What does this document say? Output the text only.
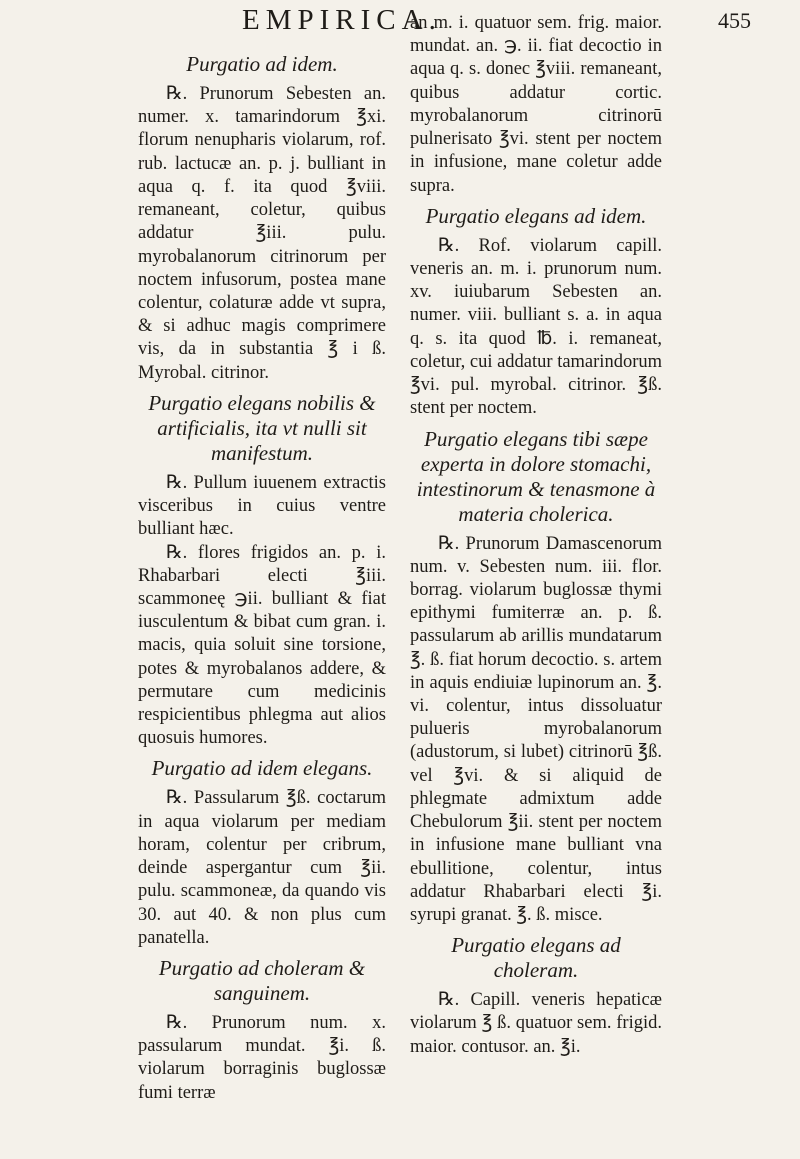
EMPIRICA.	455
Purgatio ad idem.

℞. Prunorum Sebesten an. numer. x. tamarindorum ℥xi. florum nenupharis violarum, rof. rub. lactucæ an. p. j. bulliant in aqua q. f. ita quod ℥viii. remaneant, coletur, quibus addatur ℥iii. pulu. myrobalanorum citrinorum per noctem infusorum, postea mane colentur, colaturæ adde vt supra, & si adhuc magis comprimere vis, da in substantia ℥ i ß. Myrobal. citrinor.

Purgatio elegans nobilis & artificialis, ita vt nulli sit manifestum.

℞. Pullum iuuenem extractis visceribus in cuius ventre bulliant hæc.

℞. flores frigidos an. p. i. Rhabarbari electi ℥iii. scammoneę ℈ii. bulliant & fiat iusculentum & bibat cum gran. i. macis, quia soluit sine torsione, potes & myrobalanos addere, & permutare cum medicinis respicientibus phlegma aut alios quosuis humores.

Purgatio ad idem elegans.

℞. Passularum ℥ß. coctarum in aqua violarum per mediam horam, colentur per cribrum, deinde aspergantur cum ℥ii. pulu. scammoneæ, da quando vis 30. aut 40. & non plus cum panatella.

Purgatio ad choleram & sanguinem.

℞. Prunorum num. x. passularum mundat. ℥i. ß. violarum borraginis buglossæ fumi terræ

an m. i. quatuor sem. frig. maior. mundat. an. ℈. ii. fiat decoctio in aqua q. s. donec ℥viii. remaneant, quibus addatur cortic. myrobalanorum citrinorū pulnerisato ℥vi. stent per noctem in infusione, mane coletur adde supra.

Purgatio elegans ad idem.

℞. Rof. violarum capill. veneris an. m. i. prunorum num. xv. iuiubarum Sebesten an. numer. viii. bulliant s. a. in aqua q. s. ita quod ℔. i. remaneat, coletur, cui addatur tamarindorum ℥vi. pul. myrobal. citrinor. ℥ß. stent per noctem.

Purgatio elegans tibi sæpe experta in dolore stomachi, intestinorum & tenasmone à materia cholerica.

℞. Prunorum Damascenorum num. v. Sebesten num. iii. flor. borrag. violarum buglossæ thymi epithymi fumiterræ an. p. ß. passularum ab arillis mundatarum ℥. ß. fiat horum decoctio. s. artem in aquis endiuiæ lupinorum an. ℥. vi. colentur, intus dissoluatur pulueris myrobalanorum (adustorum, si lubet) citrinorū ℥ß. vel ℥vi. & si aliquid de phlegmate admixtum adde Chebulorum ℥ii. stent per noctem in infusione mane bulliant vna ebullitione, colentur, intus addatur Rhabarbari electi ℥i. syrupi granat. ℥. ß. misce.

Purgatio elegans ad choleram.

℞. Capill. veneris hepaticæ violarum ℥ ß. quatuor sem. frigid. maior. contusor. an. ℥i.
